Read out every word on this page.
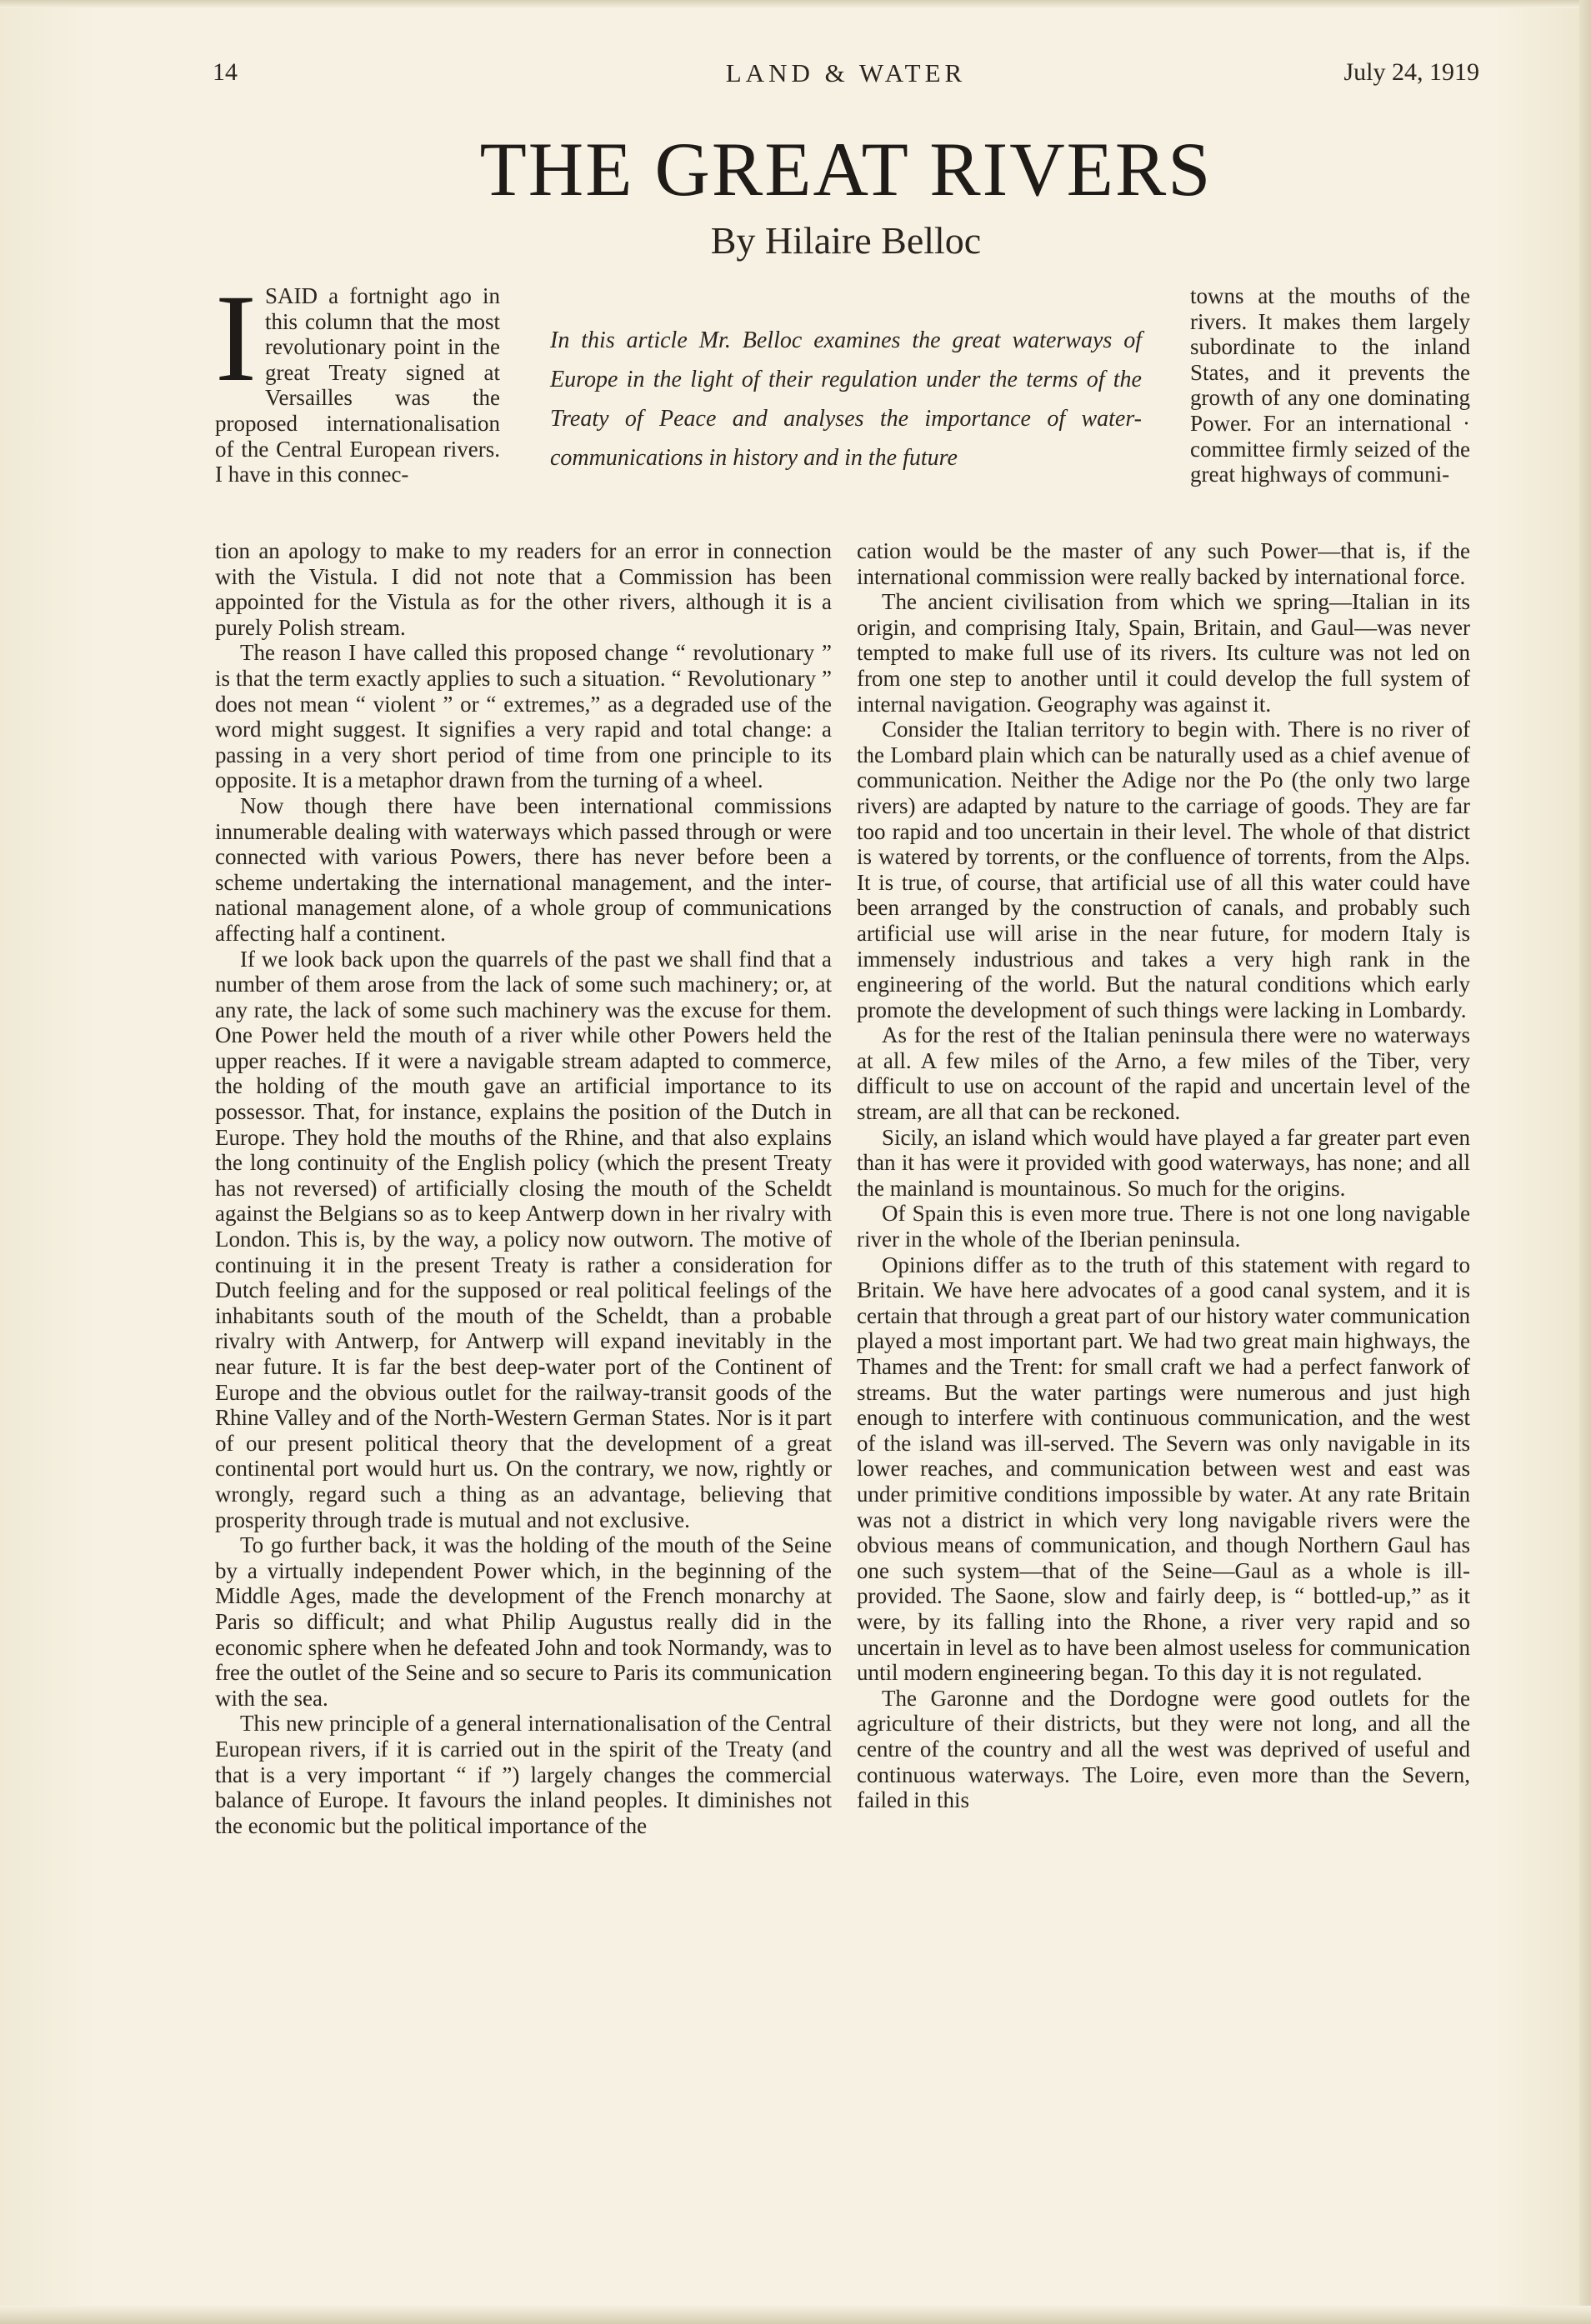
LAND & WATER
14	July 24, 1919
THE GREAT RIVERS
By Hilaire Belloc

ISAID a fortnight ago in this column that the most revolutionary point in the great Treaty signed at Versailles was the proposed internationalisation of the Central European rivers. I have in this connec-

In this article Mr. Belloc examines the great waterways of Europe in the light of their regulation under the terms of the Treaty of Peace and analyses the importance of water-communications in history and in the future

towns at the mouths of the rivers. It makes them largely subordinate to the inland States, and it prevents the growth of any one dominating Power. For an international · committee firmly seized of the great highways of communi-

tion an apology to make to my readers for an error in connection with the Vistula. I did not note that a Commission has been appointed for the Vistula as for the other rivers, although it is a purely Polish stream.

The reason I have called this proposed change “ revolutionary ” is that the term exactly applies to such a situation. “ Revolutionary ” does not mean “ violent ” or “ extremes,” as a degraded use of the word might suggest. It signifies a very rapid and total change: a passing in a very short period of time from one principle to its opposite. It is a metaphor drawn from the turning of a wheel.

Now though there have been international commissions innumerable dealing with waterways which passed through or were connected with various Powers, there has never before been a scheme undertaking the international management, and the international management alone, of a whole group of communications affecting half a continent.

If we look back upon the quarrels of the past we shall find that a number of them arose from the lack of some such machinery; or, at any rate, the lack of some such machinery was the excuse for them. One Power held the mouth of a river while other Powers held the upper reaches. If it were a navigable stream adapted to commerce, the holding of the mouth gave an artificial importance to its possessor. That, for instance, explains the position of the Dutch in Europe. They hold the mouths of the Rhine, and that also explains the long continuity of the English policy (which the present Treaty has not reversed) of artificially closing the mouth of the Scheldt against the Belgians so as to keep Antwerp down in her rivalry with London. This is, by the way, a policy now outworn. The motive of continuing it in the present Treaty is rather a consideration for Dutch feeling and for the supposed or real political feelings of the inhabitants south of the mouth of the Scheldt, than a probable rivalry with Antwerp, for Antwerp will expand inevitably in the near future. It is far the best deep-water port of the Continent of Europe and the obvious outlet for the railway-transit goods of the Rhine Valley and of the North-Western German States. Nor is it part of our present political theory that the development of a great continental port would hurt us. On the contrary, we now, rightly or wrongly, regard such a thing as an advantage, believing that prosperity through trade is mutual and not exclusive.

To go further back, it was the holding of the mouth of the Seine by a virtually independent Power which, in the beginning of the Middle Ages, made the development of the French monarchy at Paris so difficult; and what Philip Augustus really did in the economic sphere when he defeated John and took Normandy, was to free the outlet of the Seine and so secure to Paris its communication with the sea.

This new principle of a general internationalisation of the Central European rivers, if it is carried out in the spirit of the Treaty (and that is a very important “ if ”) largely changes the commercial balance of Europe. It favours the inland peoples. It diminishes not the economic but the political importance of the

cation would be the master of any such Power—that is, if the international commission were really backed by international force.

The ancient civilisation from which we spring—Italian in its origin, and comprising Italy, Spain, Britain, and Gaul—was never tempted to make full use of its rivers. Its culture was not led on from one step to another until it could develop the full system of internal navigation. Geography was against it.

Consider the Italian territory to begin with. There is no river of the Lombard plain which can be naturally used as a chief avenue of communication. Neither the Adige nor the Po (the only two large rivers) are adapted by nature to the carriage of goods. They are far too rapid and too uncertain in their level. The whole of that district is watered by torrents, or the confluence of torrents, from the Alps. It is true, of course, that artificial use of all this water could have been arranged by the construction of canals, and probably such artificial use will arise in the near future, for modern Italy is immensely industrious and takes a very high rank in the engineering of the world. But the natural conditions which early promote the development of such things were lacking in Lombardy.

As for the rest of the Italian peninsula there were no waterways at all. A few miles of the Arno, a few miles of the Tiber, very difficult to use on account of the rapid and uncertain level of the stream, are all that can be reckoned.

Sicily, an island which would have played a far greater part even than it has were it provided with good waterways, has none; and all the mainland is mountainous. So much for the origins.

Of Spain this is even more true. There is not one long navigable river in the whole of the Iberian peninsula.

Opinions differ as to the truth of this statement with regard to Britain. We have here advocates of a good canal system, and it is certain that through a great part of our history water communication played a most important part. We had two great main highways, the Thames and the Trent: for small craft we had a perfect fanwork of streams. But the water partings were numerous and just high enough to interfere with continuous communication, and the west of the island was ill-served. The Severn was only navigable in its lower reaches, and communication between west and east was under primitive conditions impossible by water. At any rate Britain was not a district in which very long navigable rivers were the obvious means of communication, and though Northern Gaul has one such system—that of the Seine—Gaul as a whole is ill-provided. The Saone, slow and fairly deep, is “ bottled-up,” as it were, by its falling into the Rhone, a river very rapid and so uncertain in level as to have been almost useless for communication until modern engineering began. To this day it is not regulated.

The Garonne and the Dordogne were good outlets for the agriculture of their districts, but they were not long, and all the centre of the country and all the west was deprived of useful and continuous waterways. The Loire, even more than the Severn, failed in this
